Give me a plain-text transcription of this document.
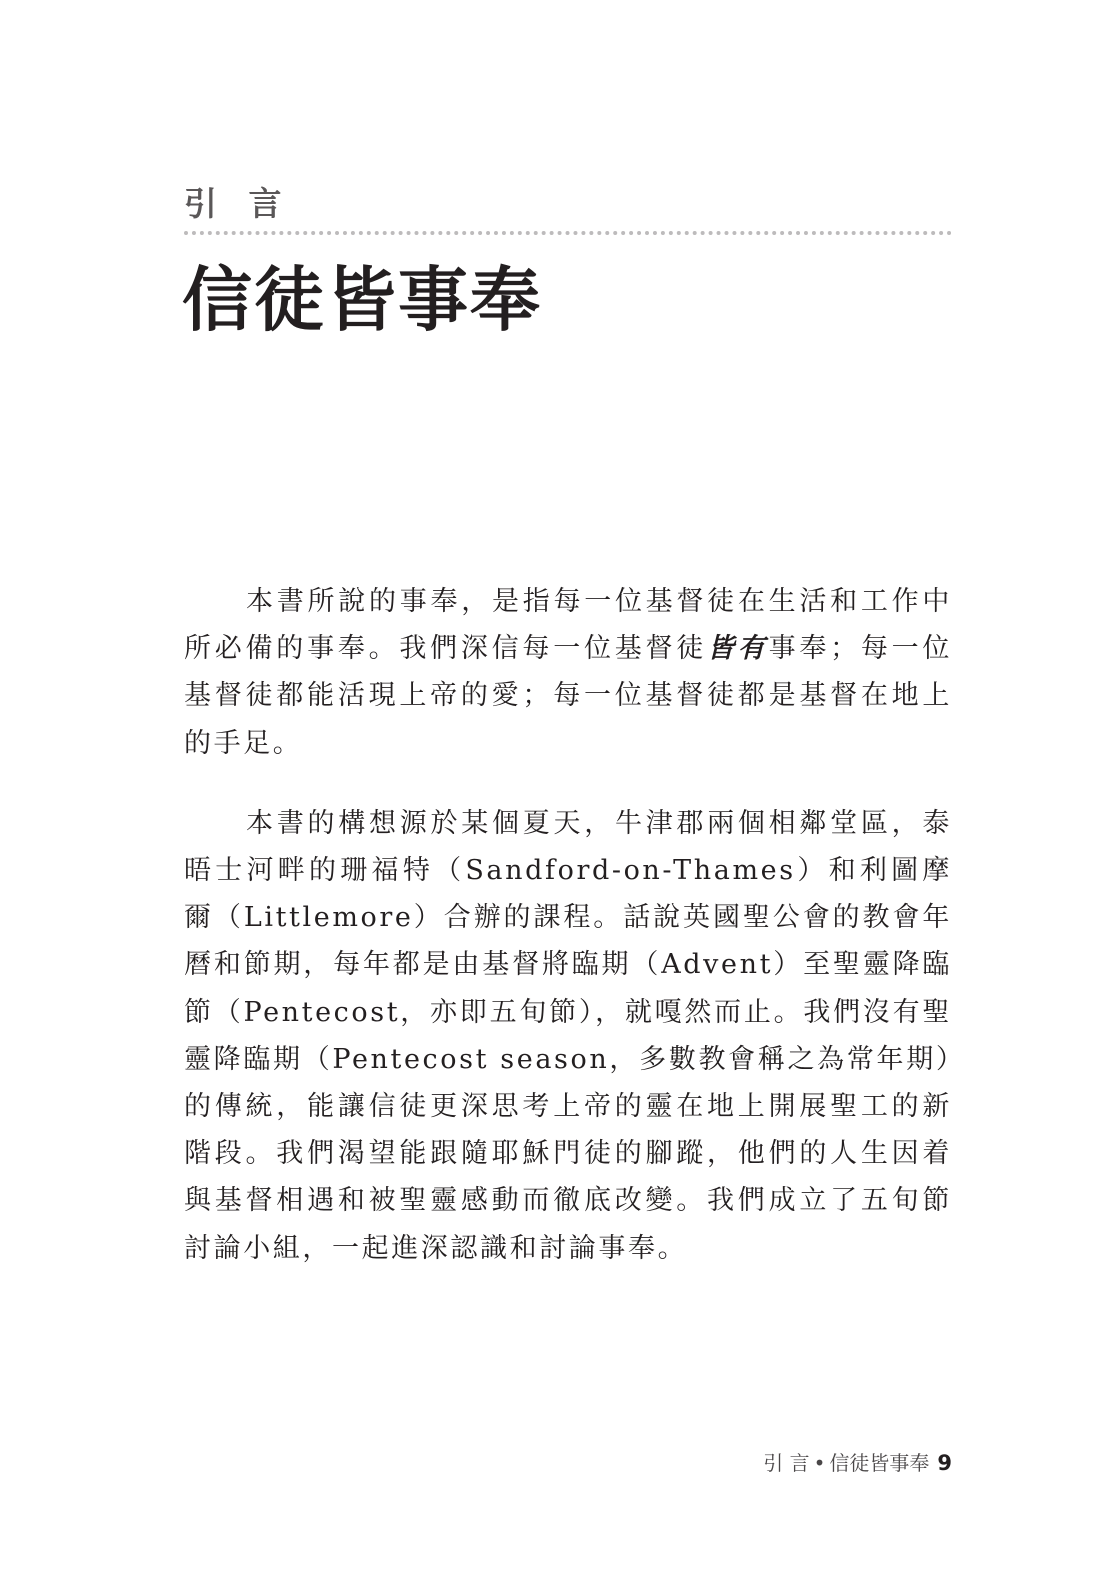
引 言
信徒皆事奉

本書所說的事奉，是指每一位基督徒在生活和工作中所必備的事奉。我們深信每一位基督徒皆有事奉；每一位基督徒都能活現上帝的愛；每一位基督徒都是基督在地上的手足。

本書的構想源於某個夏天，牛津郡兩個相鄰堂區，泰晤士河畔的珊福特（Sandford-on-Thames）和利圖摩爾（Littlemore）合辦的課程。話說英國聖公會的教會年曆和節期，每年都是由基督將臨期（Advent）至聖靈降臨節（Pentecost，亦即五旬節），就嘎然而止。我們沒有聖靈降臨期（Pentecost season，多數教會稱之為常年期）的傳統，能讓信徒更深思考上帝的靈在地上開展聖工的新階段。我們渴望能跟隨耶穌門徒的腳蹤，他們的人生因着與基督相遇和被聖靈感動而徹底改變。我們成立了五旬節討論小組，一起進深認識和討論事奉。

引 言 • 信徒皆事奉 9
